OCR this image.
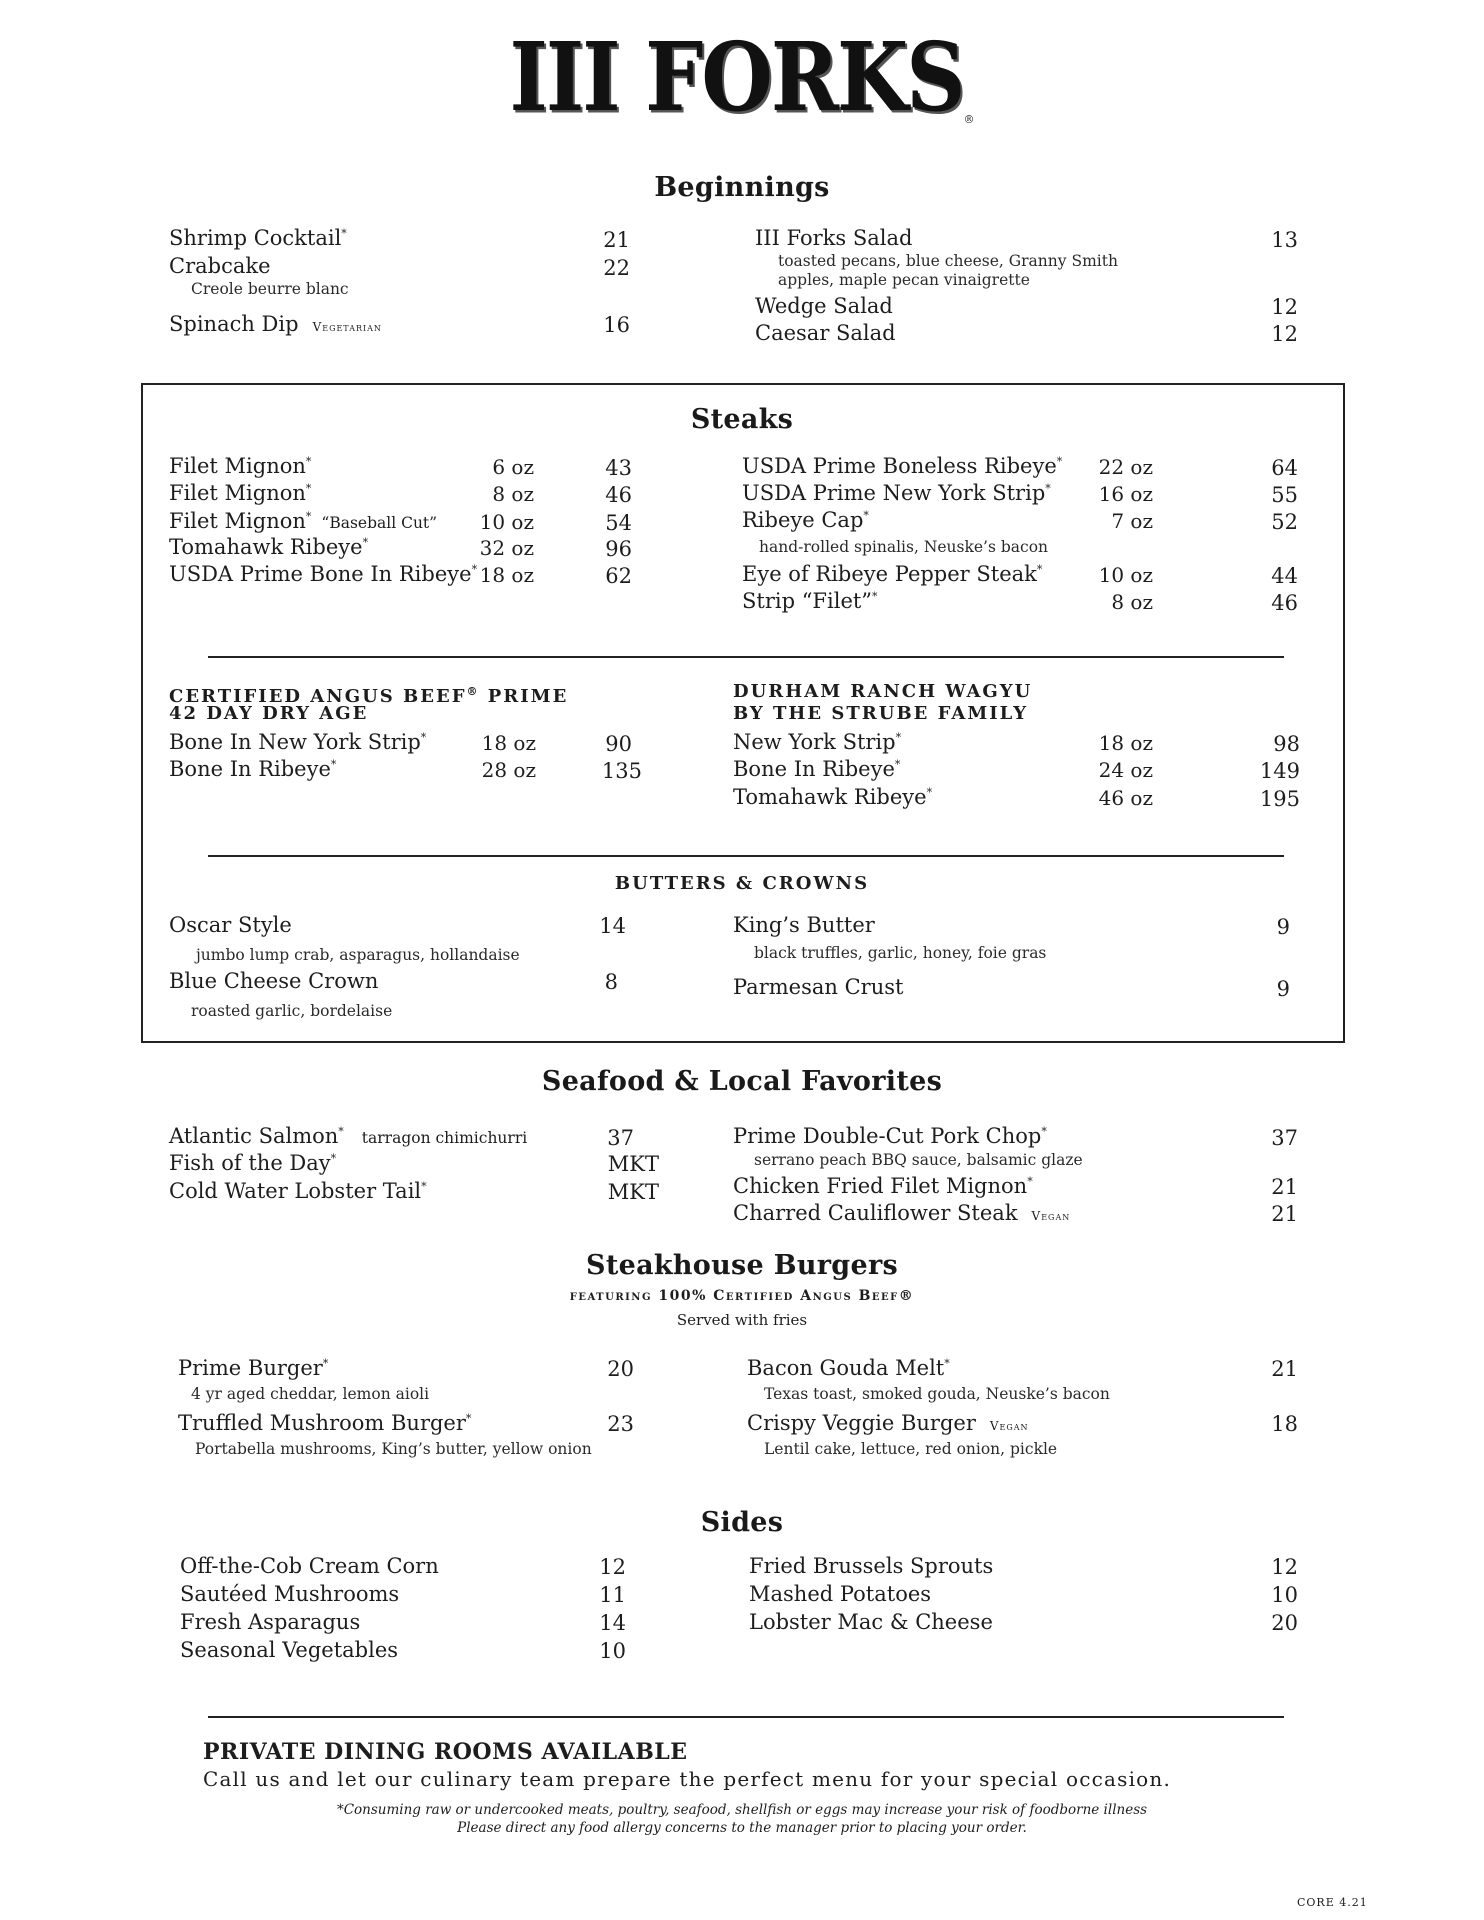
III FORKS®
Beginnings
Shrimp Cocktail*	21
Crabcake	22
Creole beurre blanc
Spinach Dip Vegetarian	16
III Forks Salad	13
toasted pecans, blue cheese, Granny Smith
apples, maple pecan vinaigrette
Wedge Salad	12
Caesar Salad	12
Steaks
Filet Mignon*	6 oz	43
Filet Mignon*	8 oz	46
Filet Mignon* “Baseball Cut”	10 oz	54
Tomahawk Ribeye*	32 oz	96
USDA Prime Bone In Ribeye* 18 oz	62
USDA Prime Boneless Ribeye*	22 oz	64
USDA Prime New York Strip*	16 oz	55
Ribeye Cap*	7 oz	52
hand-rolled spinalis, Neuske’s bacon
Eye of Ribeye Pepper Steak*	10 oz	44
Strip “Filet”*	8 oz	46
CERTIFIED ANGUS BEEF® PRIME
42 DAY DRY AGE
Bone In New York Strip*	18 oz	90
Bone In Ribeye*	28 oz	135
DURHAM RANCH WAGYU
BY THE STRUBE FAMILY
New York Strip*	18 oz	98
Bone In Ribeye*	24 oz	149
Tomahawk Ribeye*	46 oz	195
BUTTERS & CROWNS
Oscar Style	14
jumbo lump crab, asparagus, hollandaise
Blue Cheese Crown	8
roasted garlic, bordelaise
King’s Butter	9
black truffles, garlic, honey, foie gras
Parmesan Crust	9
Seafood & Local Favorites
Atlantic Salmon* tarragon chimichurri	37
Fish of the Day*	MKT
Cold Water Lobster Tail*	MKT
Prime Double-Cut Pork Chop*	37
serrano peach BBQ sauce, balsamic glaze
Chicken Fried Filet Mignon*	21
Charred Cauliflower Steak Vegan	21
Steakhouse Burgers
featuring 100% Certified Angus Beef®
Served with fries
Prime Burger*	20
4 yr aged cheddar, lemon aioli
Truffled Mushroom Burger*	23
Portabella mushrooms, King’s butter, yellow onion
Bacon Gouda Melt*	21
Texas toast, smoked gouda, Neuske’s bacon
Crispy Veggie Burger Vegan	18
Lentil cake, lettuce, red onion, pickle
Sides
Off-the-Cob Cream Corn	12
Sautéed Mushrooms	11
Fresh Asparagus	14
Seasonal Vegetables	10
Fried Brussels Sprouts	12
Mashed Potatoes	10
Lobster Mac & Cheese	20
PRIVATE DINING ROOMS AVAILABLE
Call us and let our culinary team prepare the perfect menu for your special occasion.
*Consuming raw or undercooked meats, poultry, seafood, shellfish or eggs may increase your risk of foodborne illness
Please direct any food allergy concerns to the manager prior to placing your order.
CORE 4.21
